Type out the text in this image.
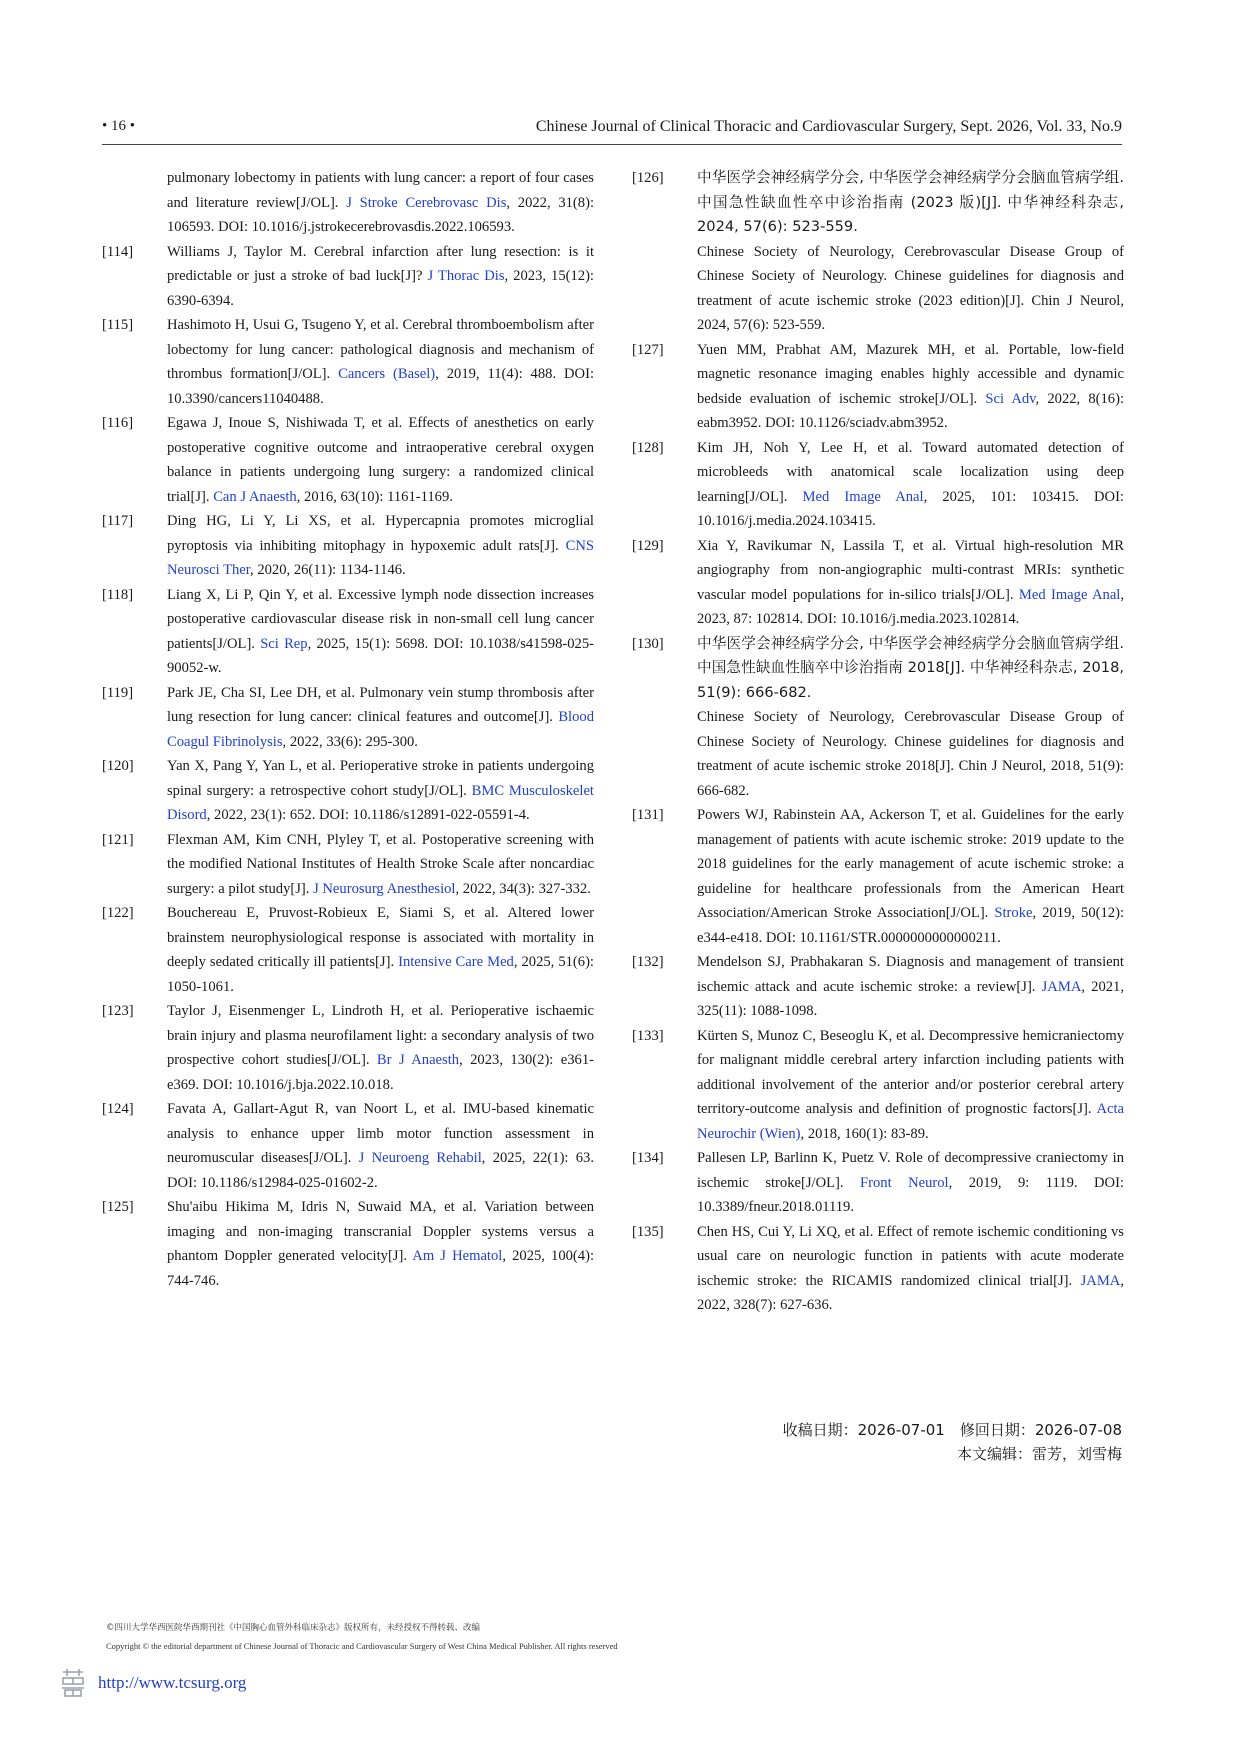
• 16 •	Chinese Journal of Clinical Thoracic and Cardiovascular Surgery, Sept. 2026, Vol. 33, No.9
pulmonary lobectomy in patients with lung cancer: a report of four cases and literature review[J/OL]. J Stroke Cerebrovasc Dis, 2022, 31(8): 106593. DOI: 10.1016/j.jstrokecerebrovasdis.2022.106593.
[114] Williams J, Taylor M. Cerebral infarction after lung resection: is it predictable or just a stroke of bad luck[J]? J Thorac Dis, 2023, 15(12): 6390-6394.
[115] Hashimoto H, Usui G, Tsugeno Y, et al. Cerebral thromboembolism after lobectomy for lung cancer: pathological diagnosis and mechanism of thrombus formation[J/OL]. Cancers (Basel), 2019, 11(4): 488. DOI: 10.3390/cancers11040488.
[116] Egawa J, Inoue S, Nishiwada T, et al. Effects of anesthetics on early postoperative cognitive outcome and intraoperative cerebral oxygen balance in patients undergoing lung surgery: a randomized clinical trial[J]. Can J Anaesth, 2016, 63(10): 1161-1169.
[117] Ding HG, Li Y, Li XS, et al. Hypercapnia promotes microglial pyroptosis via inhibiting mitophagy in hypoxemic adult rats[J]. CNS Neurosci Ther, 2020, 26(11): 1134-1146.
[118] Liang X, Li P, Qin Y, et al. Excessive lymph node dissection increases postoperative cardiovascular disease risk in non-small cell lung cancer patients[J/OL]. Sci Rep, 2025, 15(1): 5698. DOI: 10.1038/s41598-025-90052-w.
[119] Park JE, Cha SI, Lee DH, et al. Pulmonary vein stump thrombosis after lung resection for lung cancer: clinical features and outcome[J]. Blood Coagul Fibrinolysis, 2022, 33(6): 295-300.
[120] Yan X, Pang Y, Yan L, et al. Perioperative stroke in patients undergoing spinal surgery: a retrospective cohort study[J/OL]. BMC Musculoskelet Disord, 2022, 23(1): 652. DOI: 10.1186/s12891-022-05591-4.
[121] Flexman AM, Kim CNH, Plyley T, et al. Postoperative screening with the modified National Institutes of Health Stroke Scale after noncardiac surgery: a pilot study[J]. J Neurosurg Anesthesiol, 2022, 34(3): 327-332.
[122] Bouchereau E, Pruvost-Robieux E, Siami S, et al. Altered lower brainstem neurophysiological response is associated with mortality in deeply sedated critically ill patients[J]. Intensive Care Med, 2025, 51(6): 1050-1061.
[123] Taylor J, Eisenmenger L, Lindroth H, et al. Perioperative ischaemic brain injury and plasma neurofilament light: a secondary analysis of two prospective cohort studies[J/OL]. Br J Anaesth, 2023, 130(2): e361-e369. DOI: 10.1016/j.bja.2022.10.018.
[124] Favata A, Gallart-Agut R, van Noort L, et al. IMU-based kinematic analysis to enhance upper limb motor function assessment in neuromuscular diseases[J/OL]. J Neuroeng Rehabil, 2025, 22(1): 63. DOI: 10.1186/s12984-025-01602-2.
[125] Shu'aibu Hikima M, Idris N, Suwaid MA, et al. Variation between imaging and non-imaging transcranial Doppler systems versus a phantom Doppler generated velocity[J]. Am J Hematol, 2025, 100(4): 744-746.
[126] 中华医学会神经病学分会, 中华医学会神经病学分会脑血管病学组. 中国急性缺血性卒中诊治指南 (2023 版)[J]. 中华神经科杂志, 2024, 57(6): 523-559.
Chinese Society of Neurology, Cerebrovascular Disease Group of Chinese Society of Neurology. Chinese guidelines for diagnosis and treatment of acute ischemic stroke (2023 edition)[J]. Chin J Neurol, 2024, 57(6): 523-559.
[127] Yuen MM, Prabhat AM, Mazurek MH, et al. Portable, low-field magnetic resonance imaging enables highly accessible and dynamic bedside evaluation of ischemic stroke[J/OL]. Sci Adv, 2022, 8(16): eabm3952. DOI: 10.1126/sciadv.abm3952.
[128] Kim JH, Noh Y, Lee H, et al. Toward automated detection of microbleeds with anatomical scale localization using deep learning[J/OL]. Med Image Anal, 2025, 101: 103415. DOI: 10.1016/j.media.2024.103415.
[129] Xia Y, Ravikumar N, Lassila T, et al. Virtual high-resolution MR angiography from non-angiographic multi-contrast MRIs: synthetic vascular model populations for in-silico trials[J/OL]. Med Image Anal, 2023, 87: 102814. DOI: 10.1016/j.media.2023.102814.
[130] 中华医学会神经病学分会, 中华医学会神经病学分会脑血管病学组. 中国急性缺血性脑卒中诊治指南 2018[J]. 中华神经科杂志, 2018, 51(9): 666-682.
Chinese Society of Neurology, Cerebrovascular Disease Group of Chinese Society of Neurology. Chinese guidelines for diagnosis and treatment of acute ischemic stroke 2018[J]. Chin J Neurol, 2018, 51(9): 666-682.
[131] Powers WJ, Rabinstein AA, Ackerson T, et al. Guidelines for the early management of patients with acute ischemic stroke: 2019 update to the 2018 guidelines for the early management of acute ischemic stroke: a guideline for healthcare professionals from the American Heart Association/American Stroke Association[J/OL]. Stroke, 2019, 50(12): e344-e418. DOI: 10.1161/STR.0000000000000211.
[132] Mendelson SJ, Prabhakaran S. Diagnosis and management of transient ischemic attack and acute ischemic stroke: a review[J]. JAMA, 2021, 325(11): 1088-1098.
[133] Kürten S, Munoz C, Beseoglu K, et al. Decompressive hemicraniectomy for malignant middle cerebral artery infarction including patients with additional involvement of the anterior and/or posterior cerebral artery territory-outcome analysis and definition of prognostic factors[J]. Acta Neurochir (Wien), 2018, 160(1): 83-89.
[134] Pallesen LP, Barlinn K, Puetz V. Role of decompressive craniectomy in ischemic stroke[J/OL]. Front Neurol, 2019, 9: 1119. DOI: 10.3389/fneur.2018.01119.
[135] Chen HS, Cui Y, Li XQ, et al. Effect of remote ischemic conditioning vs usual care on neurologic function in patients with acute moderate ischemic stroke: the RICAMIS randomized clinical trial[J]. JAMA, 2022, 328(7): 627-636.
收稿日期：2026-07-01　修回日期：2026-07-08
本文编辑：雷芳，刘雪梅
©四川大学华西医院华西期刊社《中国胸心血管外科临床杂志》版权所有，未经授权不得转载、改编
Copyright © the editorial department of Chinese Journal of Thoracic and Cardiovascular Surgery of West China Medical Publisher. All rights reserved
http://www.tcsurg.org
